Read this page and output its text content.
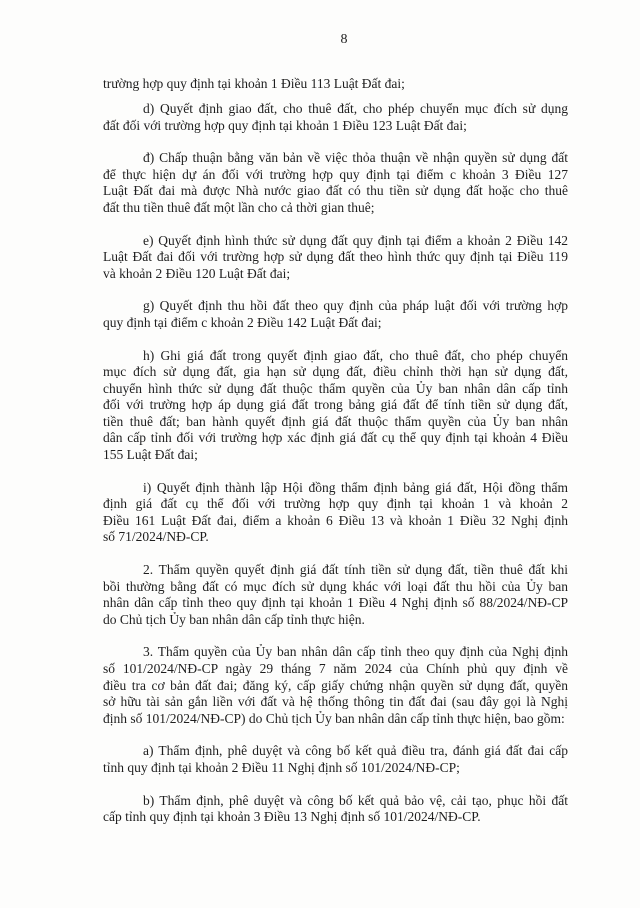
8
trường hợp quy định tại khoản 1 Điều 113 Luật Đất đai;
d) Quyết định giao đất, cho thuê đất, cho phép chuyển mục đích sử dụng
đất đối với trường hợp quy định tại khoản 1 Điều 123 Luật Đất đai;
đ) Chấp thuận bằng văn bản về việc thỏa thuận về nhận quyền sử dụng đất
để thực hiện dự án đối với trường hợp quy định tại điểm c khoản 3 Điều 127
Luật Đất đai mà được Nhà nước giao đất có thu tiền sử dụng đất hoặc cho thuê
đất thu tiền thuê đất một lần cho cả thời gian thuê;
e) Quyết định hình thức sử dụng đất quy định tại điểm a khoản 2 Điều 142
Luật Đất đai đối với trường hợp sử dụng đất theo hình thức quy định tại Điều 119
và khoản 2 Điều 120 Luật Đất đai;
g) Quyết định thu hồi đất theo quy định của pháp luật đối với trường hợp
quy định tại điểm c khoản 2 Điều 142 Luật Đất đai;
h) Ghi giá đất trong quyết định giao đất, cho thuê đất, cho phép chuyển
mục đích sử dụng đất, gia hạn sử dụng đất, điều chỉnh thời hạn sử dụng đất,
chuyển hình thức sử dụng đất thuộc thẩm quyền của Ủy ban nhân dân cấp tỉnh
đối với trường hợp áp dụng giá đất trong bảng giá đất để tính tiền sử dụng đất,
tiền thuê đất; ban hành quyết định giá đất thuộc thẩm quyền của Ủy ban nhân
dân cấp tỉnh đối với trường hợp xác định giá đất cụ thể quy định tại khoản 4 Điều
155 Luật Đất đai;
i) Quyết định thành lập Hội đồng thẩm định bảng giá đất, Hội đồng thẩm
định giá đất cụ thể đối với trường hợp quy định tại khoản 1 và khoản 2
Điều 161 Luật Đất đai, điểm a khoản 6 Điều 13 và khoản 1 Điều 32 Nghị định
số 71/2024/NĐ-CP.
2. Thẩm quyền quyết định giá đất tính tiền sử dụng đất, tiền thuê đất khi
bồi thường bằng đất có mục đích sử dụng khác với loại đất thu hồi của Ủy ban
nhân dân cấp tỉnh theo quy định tại khoản 1 Điều 4 Nghị định số 88/2024/NĐ-CP
do Chủ tịch Ủy ban nhân dân cấp tỉnh thực hiện.
3. Thẩm quyền của Ủy ban nhân dân cấp tỉnh theo quy định của Nghị định
số 101/2024/NĐ-CP ngày 29 tháng 7 năm 2024 của Chính phủ quy định về
điều tra cơ bản đất đai; đăng ký, cấp giấy chứng nhận quyền sử dụng đất, quyền
sở hữu tài sản gắn liền với đất và hệ thống thông tin đất đai (sau đây gọi là Nghị
định số 101/2024/NĐ-CP) do Chủ tịch Ủy ban nhân dân cấp tỉnh thực hiện, bao gồm:
a) Thẩm định, phê duyệt và công bố kết quả điều tra, đánh giá đất đai cấp
tỉnh quy định tại khoản 2 Điều 11 Nghị định số 101/2024/NĐ-CP;
b) Thẩm định, phê duyệt và công bố kết quả bảo vệ, cải tạo, phục hồi đất
cấp tỉnh quy định tại khoản 3 Điều 13 Nghị định số 101/2024/NĐ-CP.
